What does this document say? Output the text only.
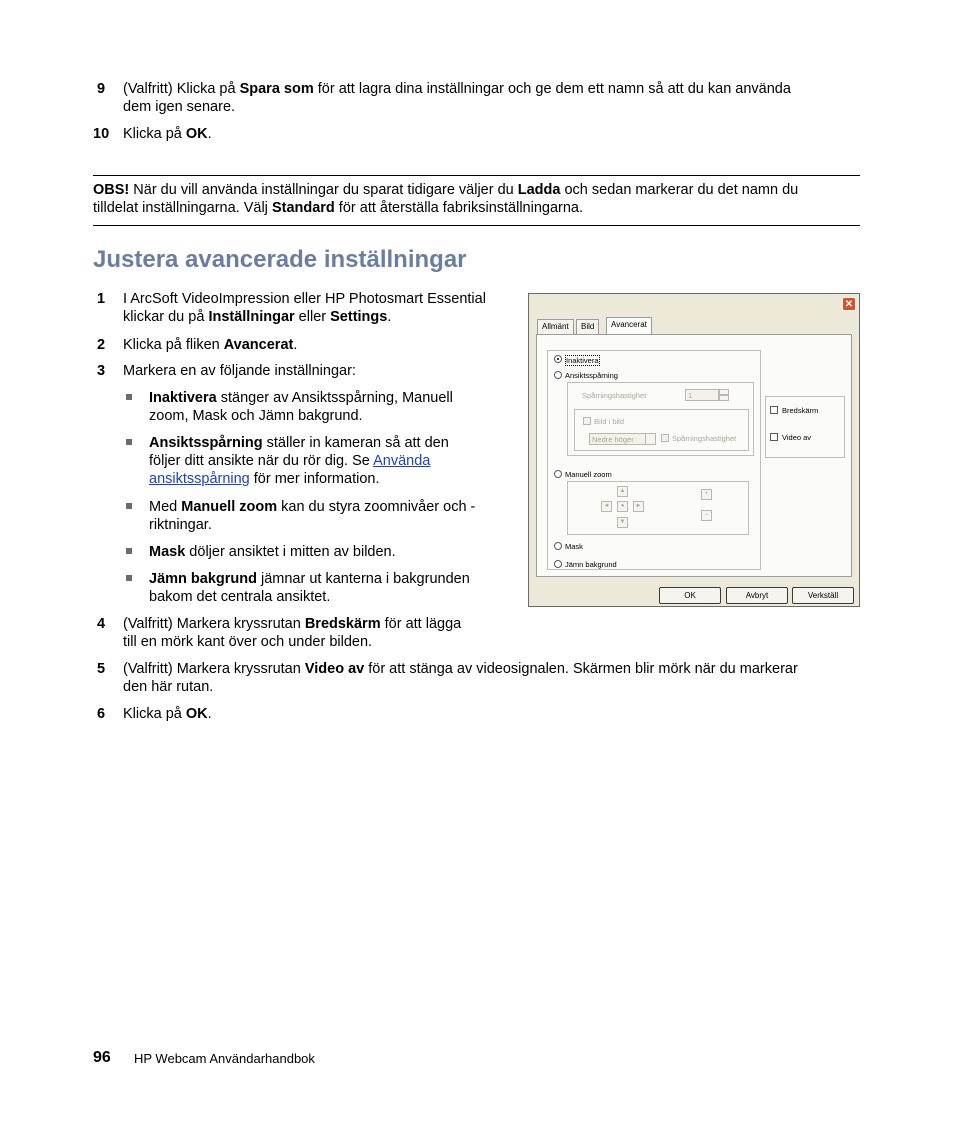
9 (Valfritt) Klicka på Spara som för att lagra dina inställningar och ge dem ett namn så att du kan använda
dem igen senare.
10 Klicka på OK.
OBS! När du vill använda inställningar du sparat tidigare väljer du Ladda och sedan markerar du det namn du
tilldelat inställningarna. Välj Standard för att återställa fabriksinställningarna.
Justera avancerade inställningar
1 I ArcSoft VideoImpression eller HP Photosmart Essential
klickar du på Inställningar eller Settings.
2 Klicka på fliken Avancerat.
3 Markera en av följande inställningar:
Inaktivera stänger av Ansiktsspårning, Manuell
zoom, Mask och Jämn bakgrund.
Ansiktsspårning ställer in kameran så att den
följer ditt ansikte när du rör dig. Se Använda
ansiktsspårning för mer information.
Med Manuell zoom kan du styra zoomnivåer och -
riktningar.
Mask döljer ansiktet i mitten av bilden.
Jämn bakgrund jämnar ut kanterna i bakgrunden
bakom det centrala ansiktet.
4 (Valfritt) Markera kryssrutan Bredskärm för att lägga
till en mörk kant över och under bilden.
5 (Valfritt) Markera kryssrutan Video av för att stänga av videosignalen. Skärmen blir mörk när du markerar
den här rutan.
6 Klicka på OK.
✕
Allmänt	Bild	Avancerat
Inaktivera
Ansiktsspårning
Spårningshastighet	1
Bild i bild
Nedre höger	Spårningshastighet
Manuell zoom
▲
◄	●	►
▼
+
−
Mask
Jämn bakgrund
Bredskärm
Video av
OK	Avbryt	Verkställ
96 HP Webcam Användarhandbok
